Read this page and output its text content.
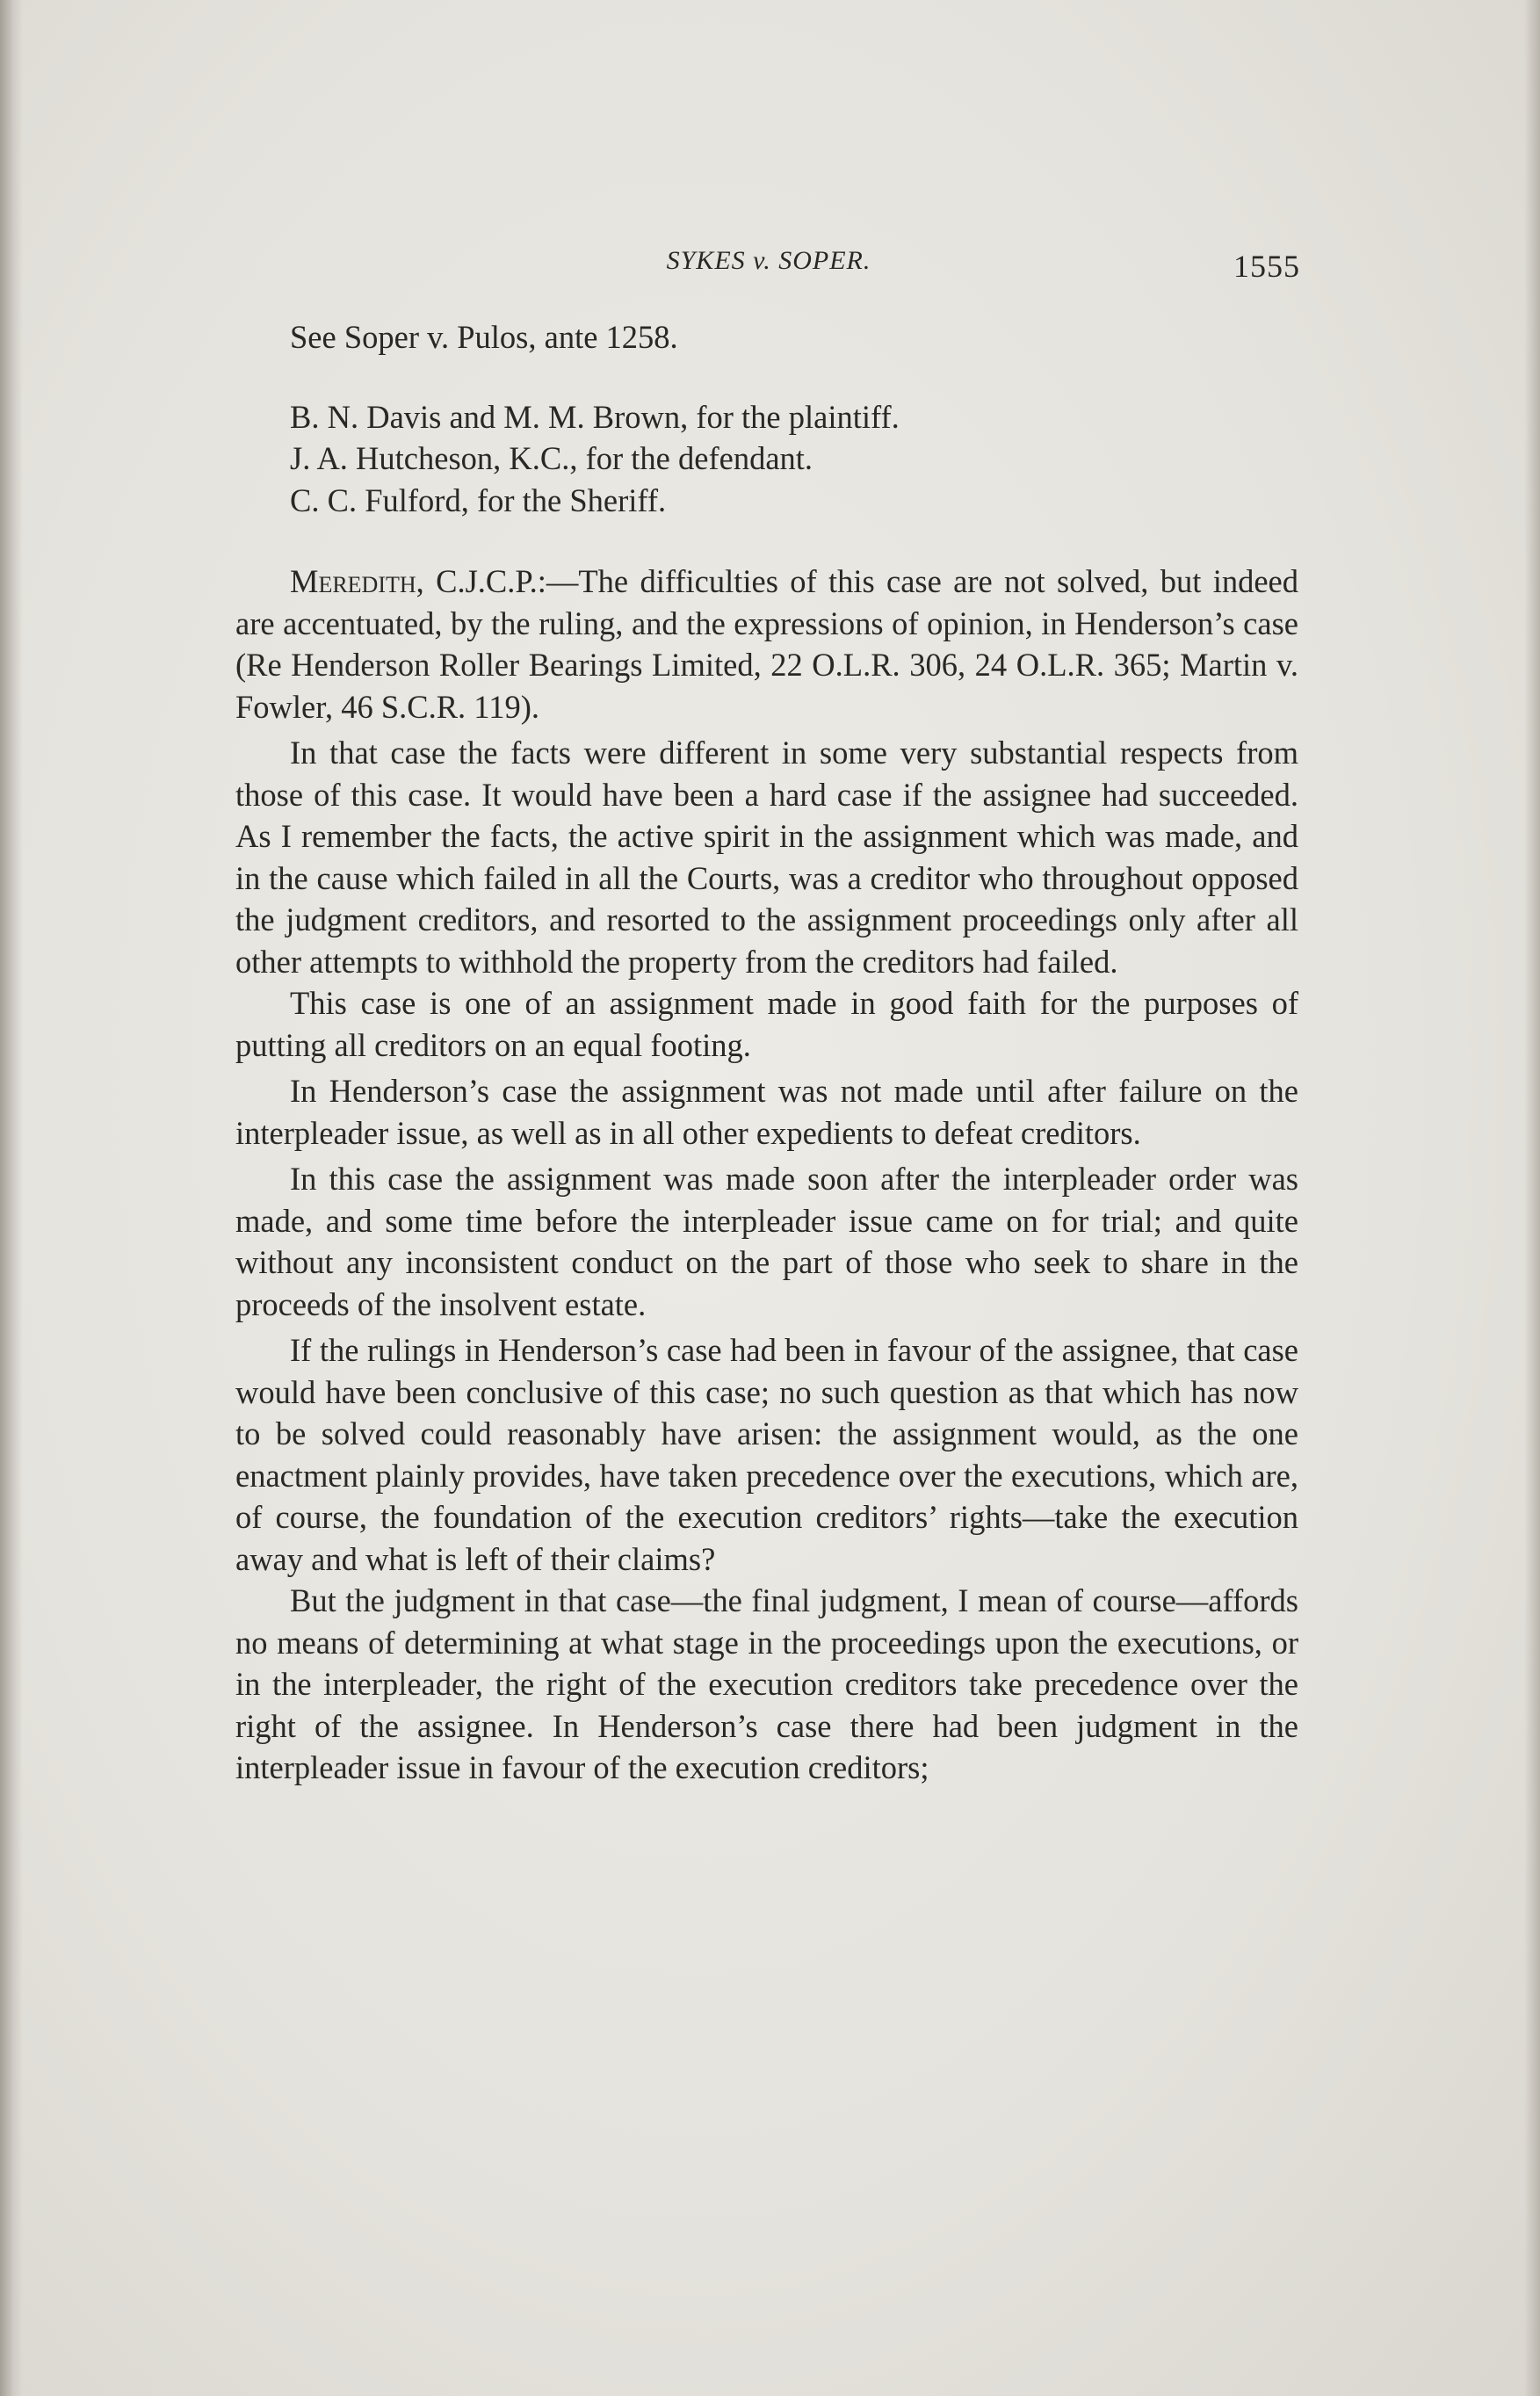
SYKES v. SOPER.	1555

See Soper v. Pulos, ante 1258.

B. N. Davis and M. M. Brown, for the plaintiff.

J. A. Hutcheson, K.C., for the defendant.

C. C. Fulford, for the Sheriff.

Meredith, C.J.C.P.:—The difficulties of this case are not solved, but indeed are accentuated, by the ruling, and the expressions of opinion, in Henderson’s case (Re Henderson Roller Bearings Limited, 22 O.L.R. 306, 24 O.L.R. 365; Martin v. Fowler, 46 S.C.R. 119).

In that case the facts were different in some very substantial respects from those of this case. It would have been a hard case if the assignee had succeeded. As I remember the facts, the active spirit in the assignment which was made, and in the cause which failed in all the Courts, was a creditor who throughout opposed the judgment creditors, and resorted to the assignment proceedings only after all other attempts to withhold the property from the creditors had failed.

This case is one of an assignment made in good faith for the purposes of putting all creditors on an equal footing.

In Henderson’s case the assignment was not made until after failure on the interpleader issue, as well as in all other expedients to defeat creditors.

In this case the assignment was made soon after the interpleader order was made, and some time before the interpleader issue came on for trial; and quite without any inconsistent conduct on the part of those who seek to share in the proceeds of the insolvent estate.

If the rulings in Henderson’s case had been in favour of the assignee, that case would have been conclusive of this case; no such question as that which has now to be solved could reasonably have arisen: the assignment would, as the one enactment plainly provides, have taken precedence over the executions, which are, of course, the foundation of the execution creditors’ rights—take the execution away and what is left of their claims?

But the judgment in that case—the final judgment, I mean of course—affords no means of determining at what stage in the proceedings upon the executions, or in the interpleader, the right of the execution creditors take precedence over the right of the assignee. In Henderson’s case there had been judgment in the interpleader issue in favour of the execution creditors;
